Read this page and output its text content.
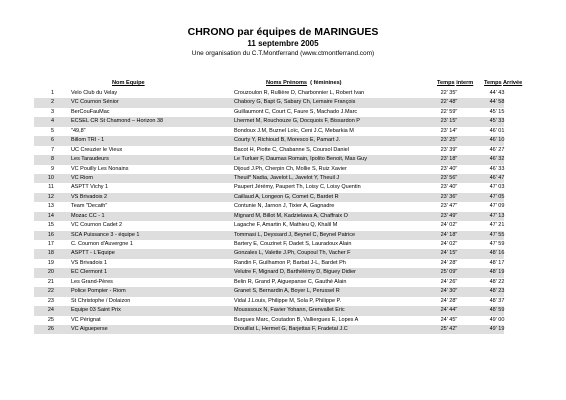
CHRONO par équipes de MARINGUES
11 septembre 2005
Une organisation du C.T.Montferrand (www.ctmontferrand.com)
Nom Equipe	Noms Prénoms ( féminines)	Temps interm Temps Arrivée
1	Velo Club du Velay	Crouzoulon R, Rullière D, Charbonnier L, Robert Ivan	22' 35"	44' 43
2	VC Cournon Sénior	Chabory G, Bapt G, Sabary Ch, Lemaire François	22' 48"	44' 58
3	BerCouFauMac	Guillaumont C, Court C, Faure S, Machado J.Marc	22' 59"	45' 15
4	ECSEL CR St Chamond – Horizon 38	Lhermet M, Rouchouze G, Docquois F, Bissardon P	23' 15"	45' 33
5	"49,8"	Bondoux J.M, Buznel Loïc, Ceni J.C, Mebarkia M	23' 14"	46' 01
6	Billom TRI - 1	Courty Y, Richioud B, Moresco E, Pamart J.	23' 25"	46' 10
7	UC Creuzier le Vieux	Bacot H, Piotte C, Chabanne S, Coursol Daniel	23' 39"	46' 27
8	Les Taraudeurs	Le Turluer F, Daumas Romain, Ipolito Benoit, Mas Guy	23' 18"	46' 32
9	VC Pouilly Les Nonains	Dijoud J.Ph, Cherpin Ch, Mollie S, Ruiz Xavier	23' 40"	46' 33
10	VC Riom	Theuil* Nadia, Javelot L, Javelot Y, Theuil J	23' 56"	46' 47
11	ASPTT Vichy 1	Paupert Jérémy, Paupert Th, Loisy C, Loisy Quentin	23' 40"	47' 03
12	VS Brivadois 2	Caillaud A, Longeon G, Comet C, Bardet R	23' 36"	47' 05
13	Team "Decath"	Contunie N, Jarnon J, Tixier A, Gagnadre	23' 47"	47' 09
14	Mozac CC - 1	Mignard M, Billot M, Kadzielawa A, Chaffraix O	23' 49"	47' 13
15	VC Cournon Cadet 2	Lagache F, Amartin K, Mathieu Q, Khalil M	24' 02"	47' 21
16	SCA Puissance 3 - équipe 1	Tommasi L, Deyssard J, Beynel C, Beynel Patrice	24' 18"	47' 55
17	C. Cournon d'Auvergne 1	Bartery E, Couzinet F, Dadet S, Lauradoux Alain	24' 02"	47' 59
18	ASPTT - L'Equipe	Gonzales L, Valette J.Ph, Coupoul Th, Vacher F	24' 15"	48' 16
19	VS Brivadois 1	Randin F, Guilhamon P, Barbat J-L, Bardet Ph	24' 28"	48' 17
20	EC Clermont 1	Velutre F, Mignard D, Barthélémy D, Biguey Didier	25' 09"	48' 19
21	Les Grand-Pères	Belin R, Grand P, Aiguepanse C, Gauthé Alain	24' 26"	48' 22
22	Police Pompier - Riom	Granet S, Bernardin A, Boyer L, Perussel R	24' 30"	48' 23
23	St Christophe / Dolaizon	Vidal J.Louis, Philippe M, Sola P, Philippe P.	24' 28"	48' 37
24	Equipe 03 Saint Prix	Mousssoux N, Favier Yohann, Grenvallet Eric	24' 44"	48' 59
25	VC Pérignat	Burgues Marc, Coutadon B, Valliergues E, Lopes A	24' 45"	49' 00
26	VC Aigueperse	Drouillat L, Hermet G, Barjettas F, Fradetal J.C	25' 42"	49' 19
